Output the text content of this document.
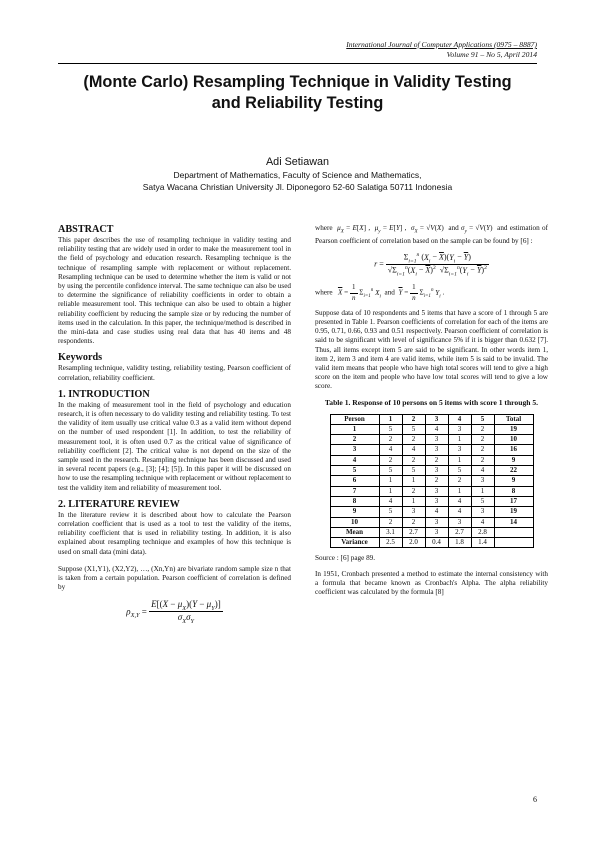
International Journal of Computer Applications (0975 – 8887)
Volume 91 – No 5, April 2014
(Monte Carlo) Resampling Technique in Validity Testing
and Reliability Testing
Adi Setiawan
Department of Mathematics, Faculty of Science and Mathematics,
Satya Wacana Christian University Jl. Diponegoro 52-60 Salatiga 50711 Indonesia
ABSTRACT

This paper describes the use of resampling technique in validity testing and reliability testing that are widely used in order to make the measurement tool in the field of psychology and education research. Resampling technique is the technique of resampling sample with replacement or without replacement. Resampling technique can be used to determine whether the item is valid or not by using the percentile confidence interval. The same technique can also be used to determine the significance of reliability coefficients in order to obtain a reliable measurement tool. This technique can also be used to obtain a higher reliability coefficient by reducing the sample size or by reducing the number of items used in the calculation. In this paper, the technique/method is described in the mini-data and case studies using real data that has 40 items and 48 respondents.

Keywords

Resampling technique, validity testing, reliability testing, Pearson coefficient of correlation, reliability coefficient.

1. INTRODUCTION

In the making of measurement tool in the field of psychology and education research, it is often necessary to do validity testing and reliability testing. To test the validity of item usually use critical value 0.3 as a valid item without depend on the number of used respondent [1]. In addition, to test the reliability of measurement tool, it is often used 0.7 as the critical value of significance of reliability coefficient [2]. The critical value is not depend on the size of the sample used in the research. Resampling technique has been discussed and used in several recent papers (e.g., [3]; [4]; [5]). In this paper it will be discussed on how to use the resampling technique with replacement or without replacement to test the validity item and reliability of measurement tool.

2. LITERATURE REVIEW

In the literature review it is described about how to calculate the Pearson correlation coefficient that is used as a tool to test the validity of the items, reliability coefficient that is used in reliability testing. In addition, it is also explained about resampling technique and examples of how this technique is used on small data (mini data).

Suppose (X1,Y1), (X2,Y2), …, (Xn,Yn) are bivariate random sample size n that is taken from a certain population. Pearson coefficient of correlation is defined by

$\rho_{X,Y}$ =
$E[(X - \mu_X)(Y - \mu_Y)]$
$\sigma_X\sigma_Y$

where $\mu_X = E[X]$ ,  $\mu_y = E[Y]$ ,  $\sigma_X = √V(X)$  and $\sigma_y = √V(Y)$  and estimation of Pearson coefficient of correlation based on the sample can be found by [6] :

$r = \frac{\Sigma_{i=1}^n (X_i - \overline{X})(Y_i - \overline{Y})}{√\Sigma_{i=1}^n(X_i - \overline{X})^2 √\Sigma_{i=1}^n(Y_i - \overline{Y})^2}$

where $\overline{X} = \frac{1}{n} \Sigma_{i=1}^n$ $X_i$ and $\overline{Y} = \frac{1}{n} \Sigma_{i=1}^n$ $Y_i$ .

Suppose data of 10 respondents and 5 items that have a score of 1 through 5 are presented in Table 1. Pearson coefficients of correlation for each of the items are 0.95, 0.71, 0.66, 0.93 and 0.51 respectively. Pearson coefficient of correlation is said to be significant with level of significance 5% if it is bigger than 0.632 [7]. Thus, all items except item 5 are said to be significant. In other words item 1, item 2, item 3 and item 4 are valid items, while item 5 is said to be invalid. The valid item means that people who have high total scores will tend to give a high score on the item and people who have low total scores will tend to give a low score.

Table 1. Response of 10 persons on 5 items with score 1 through 5.
Person	1	2	3	4	5	Total
1	5	5	4	3	2	19
2	2	2	3	1	2	10
3	4	4	3	3	2	16
4	2	2	2	1	2	9
5	5	5	3	5	4	22
6	1	1	2	2	3	9
7	1	2	3	1	1	8
8	4	1	3	4	5	17
9	5	3	4	4	3	19
10	2	2	3	3	4	14
Mean	3.1	2.7	3	2.7	2.8	
Variance	2.5	2.0	0.4	1.8	1.4	

Source : [6] page 89.

In 1951, Cronbach presented a method to estimate the internal consistency with a formula that became known as Cronbach's Alpha. The alpha reliability coefficient was calculated by the formula [8]

6
